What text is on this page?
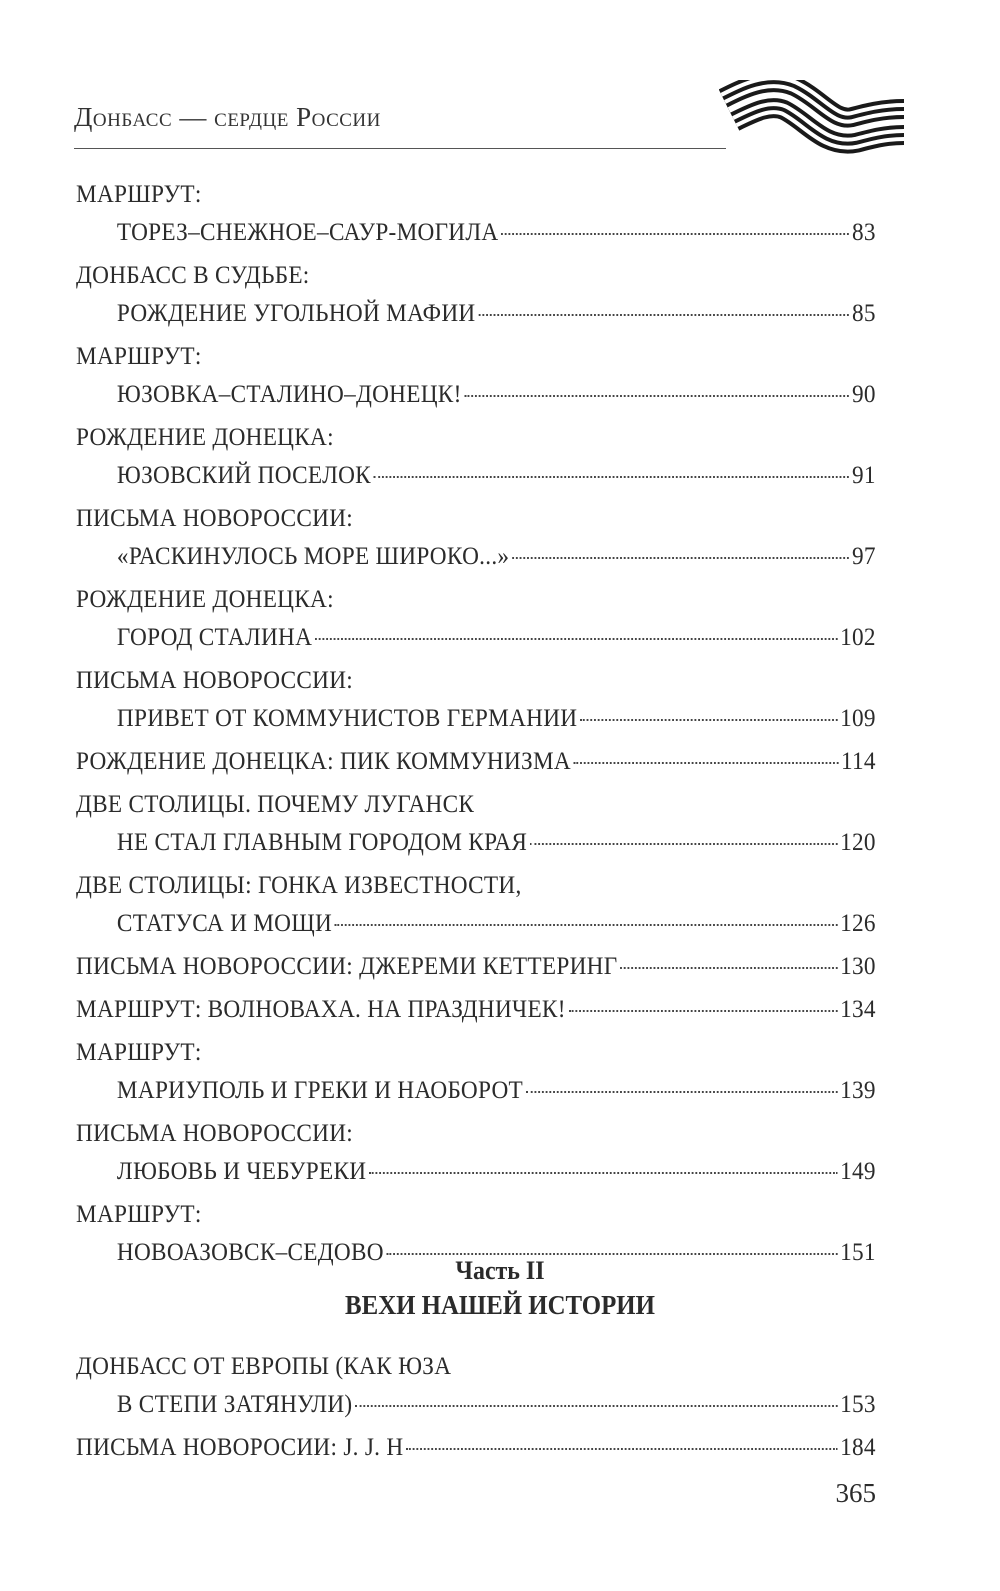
Донбасс — сердце России
МАРШРУТ:
ТОРЕЗ–СНЕЖНОЕ–САУР-МОГИЛА	83
ДОНБАСС В СУДЬБЕ:
РОЖДЕНИЕ УГОЛЬНОЙ МАФИИ	85
МАРШРУТ:
ЮЗОВКА–СТАЛИНО–ДОНЕЦК!	90
РОЖДЕНИЕ ДОНЕЦКА:
ЮЗОВСКИЙ ПОСЕЛОК	91
ПИСЬМА НОВОРОССИИ:
«РАСКИНУЛОСЬ МОРЕ ШИРОКО...»	97
РОЖДЕНИЕ ДОНЕЦКА:
ГОРОД СТАЛИНА	102
ПИСЬМА НОВОРОССИИ:
ПРИВЕТ ОТ КОММУНИСТОВ ГЕРМАНИИ	109
РОЖДЕНИЕ ДОНЕЦКА: ПИК КОММУНИЗМА	114
ДВЕ СТОЛИЦЫ. ПОЧЕМУ ЛУГАНСК
НЕ СТАЛ ГЛАВНЫМ ГОРОДОМ КРАЯ	120
ДВЕ СТОЛИЦЫ: ГОНКА ИЗВЕСТНОСТИ,
СТАТУСА И МОЩИ	126
ПИСЬМА НОВОРОССИИ: ДЖЕРЕМИ КЕТТЕРИНГ	130
МАРШРУТ: ВОЛНОВАХА. НА ПРАЗДНИЧЕК!	134
МАРШРУТ:
МАРИУПОЛЬ И ГРЕКИ И НАОБОРОТ	139
ПИСЬМА НОВОРОССИИ:
ЛЮБОВЬ И ЧЕБУРЕКИ	149
МАРШРУТ:
НОВОАЗОВСК–СЕДОВО	151
Часть II
ВЕХИ НАШЕЙ ИСТОРИИ
ДОНБАСС ОТ ЕВРОПЫ (КАК ЮЗА
В СТЕПИ ЗАТЯНУЛИ)	153
ПИСЬМА НОВОРОСИИ: J. J. H	184
365
